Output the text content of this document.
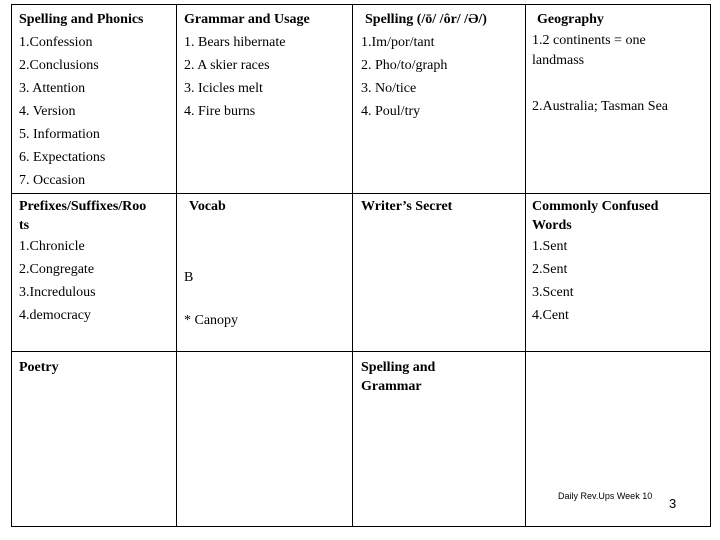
Spelling and Phonics
1.Confession
2.Conclusions
3. Attention
4. Version
5. Information
6. Expectations
7. Occasion
Grammar and Usage
1. Bears hibernate
2. A skier races
3. Icicles melt
4. Fire burns
Spelling (/ō/ /ôr/ /Ə/)
1.Im/por/tant
2. Pho/to/graph
3. No/tice
4. Poul/try
Geography
1.2 continents = one
landmass
2.Australia; Tasman Sea
Prefixes/Suffixes/Roo
ts
1.Chronicle
2.Congregate
3.Incredulous
4.democracy
Vocab
B
* Canopy
Writer’s Secret	Commonly Confused
Words
1.Sent
2.Sent
3.Scent
4.Cent
Poetry	Spelling and
Grammar
Daily Rev.Ups Week 10 3
